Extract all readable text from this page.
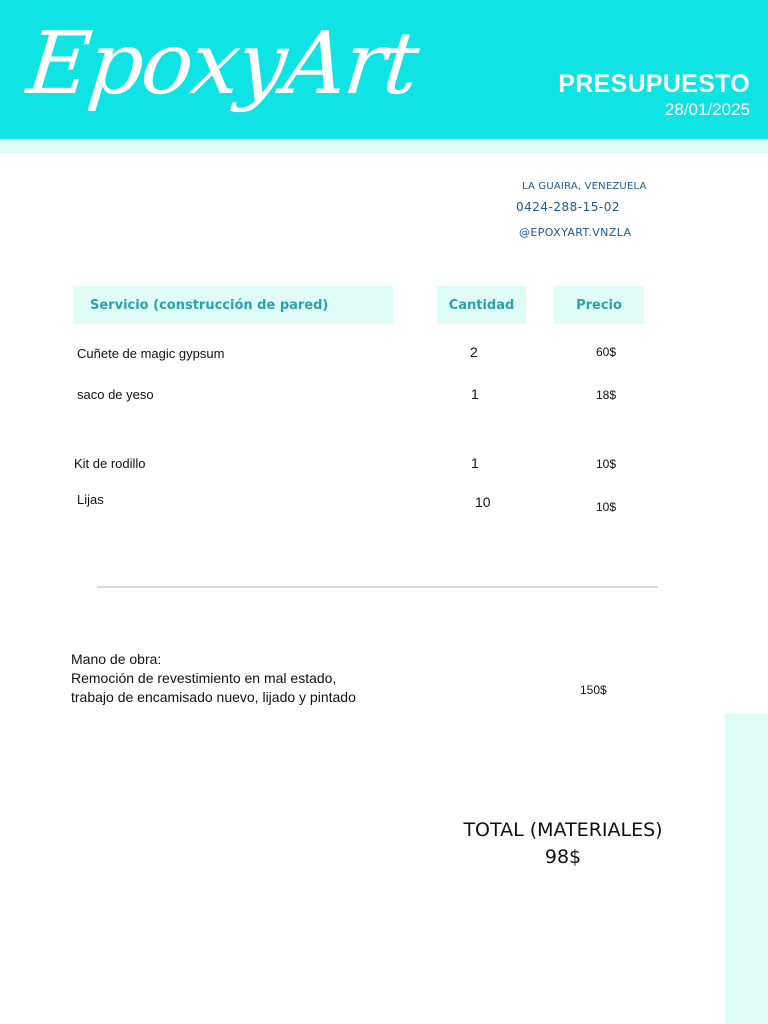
EpoxyArt	PRESUPUESTO
28/01/2025
LA GUAIRA, VENEZUELA
0424-288-15-02
@EPOXYART.VNZLA
Servicio (construcción de pared)	Cantidad	Precio
Cuñete de magic gypsum	2	60$
saco de yeso	1	18$
Kit de rodillo	1	10$
Lijas	10	10$
Mano de obra:
Remoción de revestimiento en mal estado,
trabajo de encamisado nuevo, lijado y pintado	150$
TOTAL (MATERIALES)
98$
